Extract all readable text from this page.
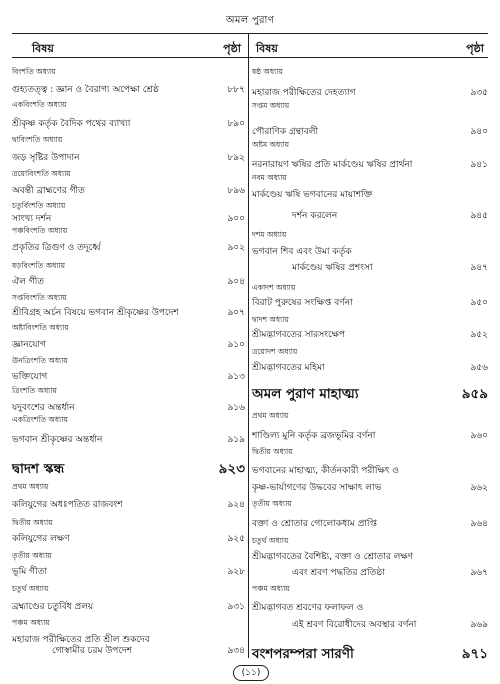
অমল পুরাণ
বিষয়	পৃষ্ঠা
বিংশতি অধ্যায়
গুহ্যতত্ত্ব : জ্ঞান ও বৈরাগ্য অপেক্ষা শ্রেষ্ঠ	৮৮৭
একবিংশতি অধ্যায়
শ্রীকৃষ্ণ কর্তৃক বৈদিক পথের ব্যাখ্যা	৮৯০
দ্বাবিংশতি অধ্যায়
জড় সৃষ্টির উপাদান	৮৯২
ত্রয়োবিংশতি অধ্যায়
অবন্তী ব্রাহ্মণের গীত	৮৯৬
চতুর্বিংশতি অধ্যায়
সাংখ্য দর্শন	৯০০
পঞ্চবিংশতি অধ্যায়
প্রকৃতির ত্রিগুণ ও তদূর্ধ্বে	৯০২
ষড়বিংশতি অধ্যায়
ঐল গীত	৯০৪
সপ্তবিংশতি অধ্যায়
শ্রীবিগ্রহ অর্চন বিষয়ে ভগবান শ্রীকৃষ্ণের উপদেশ	৯০৭
অষ্টাবিংশতি অধ্যায়
জ্ঞানযোগ	৯১০
ঊনত্রিংশতি অধ্যায়
ভক্তিযোগ	৯১৩
ত্রিংশতি অধ্যায়
যদুবংশের অন্তর্ধান	৯১৬
একত্রিংশতি অধ্যায়
ভগবান শ্রীকৃষ্ণের অন্তর্ধান	৯১৯
দ্বাদশ স্কন্ধ	৯২৩
প্রথম অধ্যায়
কলিযুগের অধঃপতিত রাজবংশ	৯২৪
দ্বিতীয় অধ্যায়
কলিযুগের লক্ষণ	৯২৫
তৃতীয় অধ্যায়
ভূমি গীতা	৯২৮
চতুর্থ অধ্যায়
ব্রহ্মাণ্ডের চতুর্বিধ প্রলয়	৯৩১
পঞ্চম অধ্যায়
মহারাজ পরীক্ষিতের প্রতি শ্রীল শুকদেব
গোস্বামীর চরম উপদেশ	৯৩৪
বিষয়	পৃষ্ঠা
ষষ্ঠ অধ্যায়
মহারাজ পরীক্ষিতের দেহত্যাগ	৯৩৫
সপ্তম অধ্যায়
পৌরাণিক গ্রন্থাবলী	৯৪০
অষ্টম অধ্যায়
নরনারায়ণ ঋষির প্রতি মার্কণ্ডেয় ঋষির প্রার্থনা	৯৪১
নবম অধ্যায়
মার্কণ্ডেয় ঋষি ভগবানের মায়াশক্তি
দর্শন করলেন	৯৪৫
দশম অধ্যায়
ভগবান শিব এবং উমা কর্তৃক
মার্কণ্ডেয় ঋষির প্রশংসা	৯৪৭
একাদশ অধ্যায়
বিরাট পুরুষের সংক্ষিপ্ত বর্ণনা	৯৫০
দ্বাদশ অধ্যায়
শ্রীমদ্ভাগবতের সারসংক্ষেপ	৯৫২
ত্রয়োদশ অধ্যায়
শ্রীমদ্ভাগবতের মহিমা	৯৫৬
অমল পুরাণ মাহাত্ম্য	৯৫৯
প্রথম অধ্যায়
শাণ্ডিল্য মুনি কর্তৃক ব্রজভূমির বর্ণনা	৯৬০
দ্বিতীয় অধ্যায়
ভগবানের মাহাত্ম্য, কীর্তনকারী পরীক্ষিৎ ও
কৃষ্ণ-ভার্যাগণের উদ্ধবের সাক্ষাৎ লাভ	৯৬২
তৃতীয় অধ্যায়
বক্তা ও শ্রোতার গোলোকধাম প্রাপ্তি	৯৬৪
চতুর্থ অধ্যায়
শ্রীমদ্ভাগবতের বৈশিষ্ট্য, বক্তা ও শ্রোতার লক্ষণ
এবং শ্রবণ পদ্ধতির প্রতিষ্ঠা	৯৬৭
পঞ্চম অধ্যায়
শ্রীমদ্ভাগবত শ্রবণের ফলাফল ও
এই শ্রবণ বিরোধীদের অবস্থার বর্ণনা	৯৬৯
বংশপরম্পরা সারণী	৯৭১
(১১)
